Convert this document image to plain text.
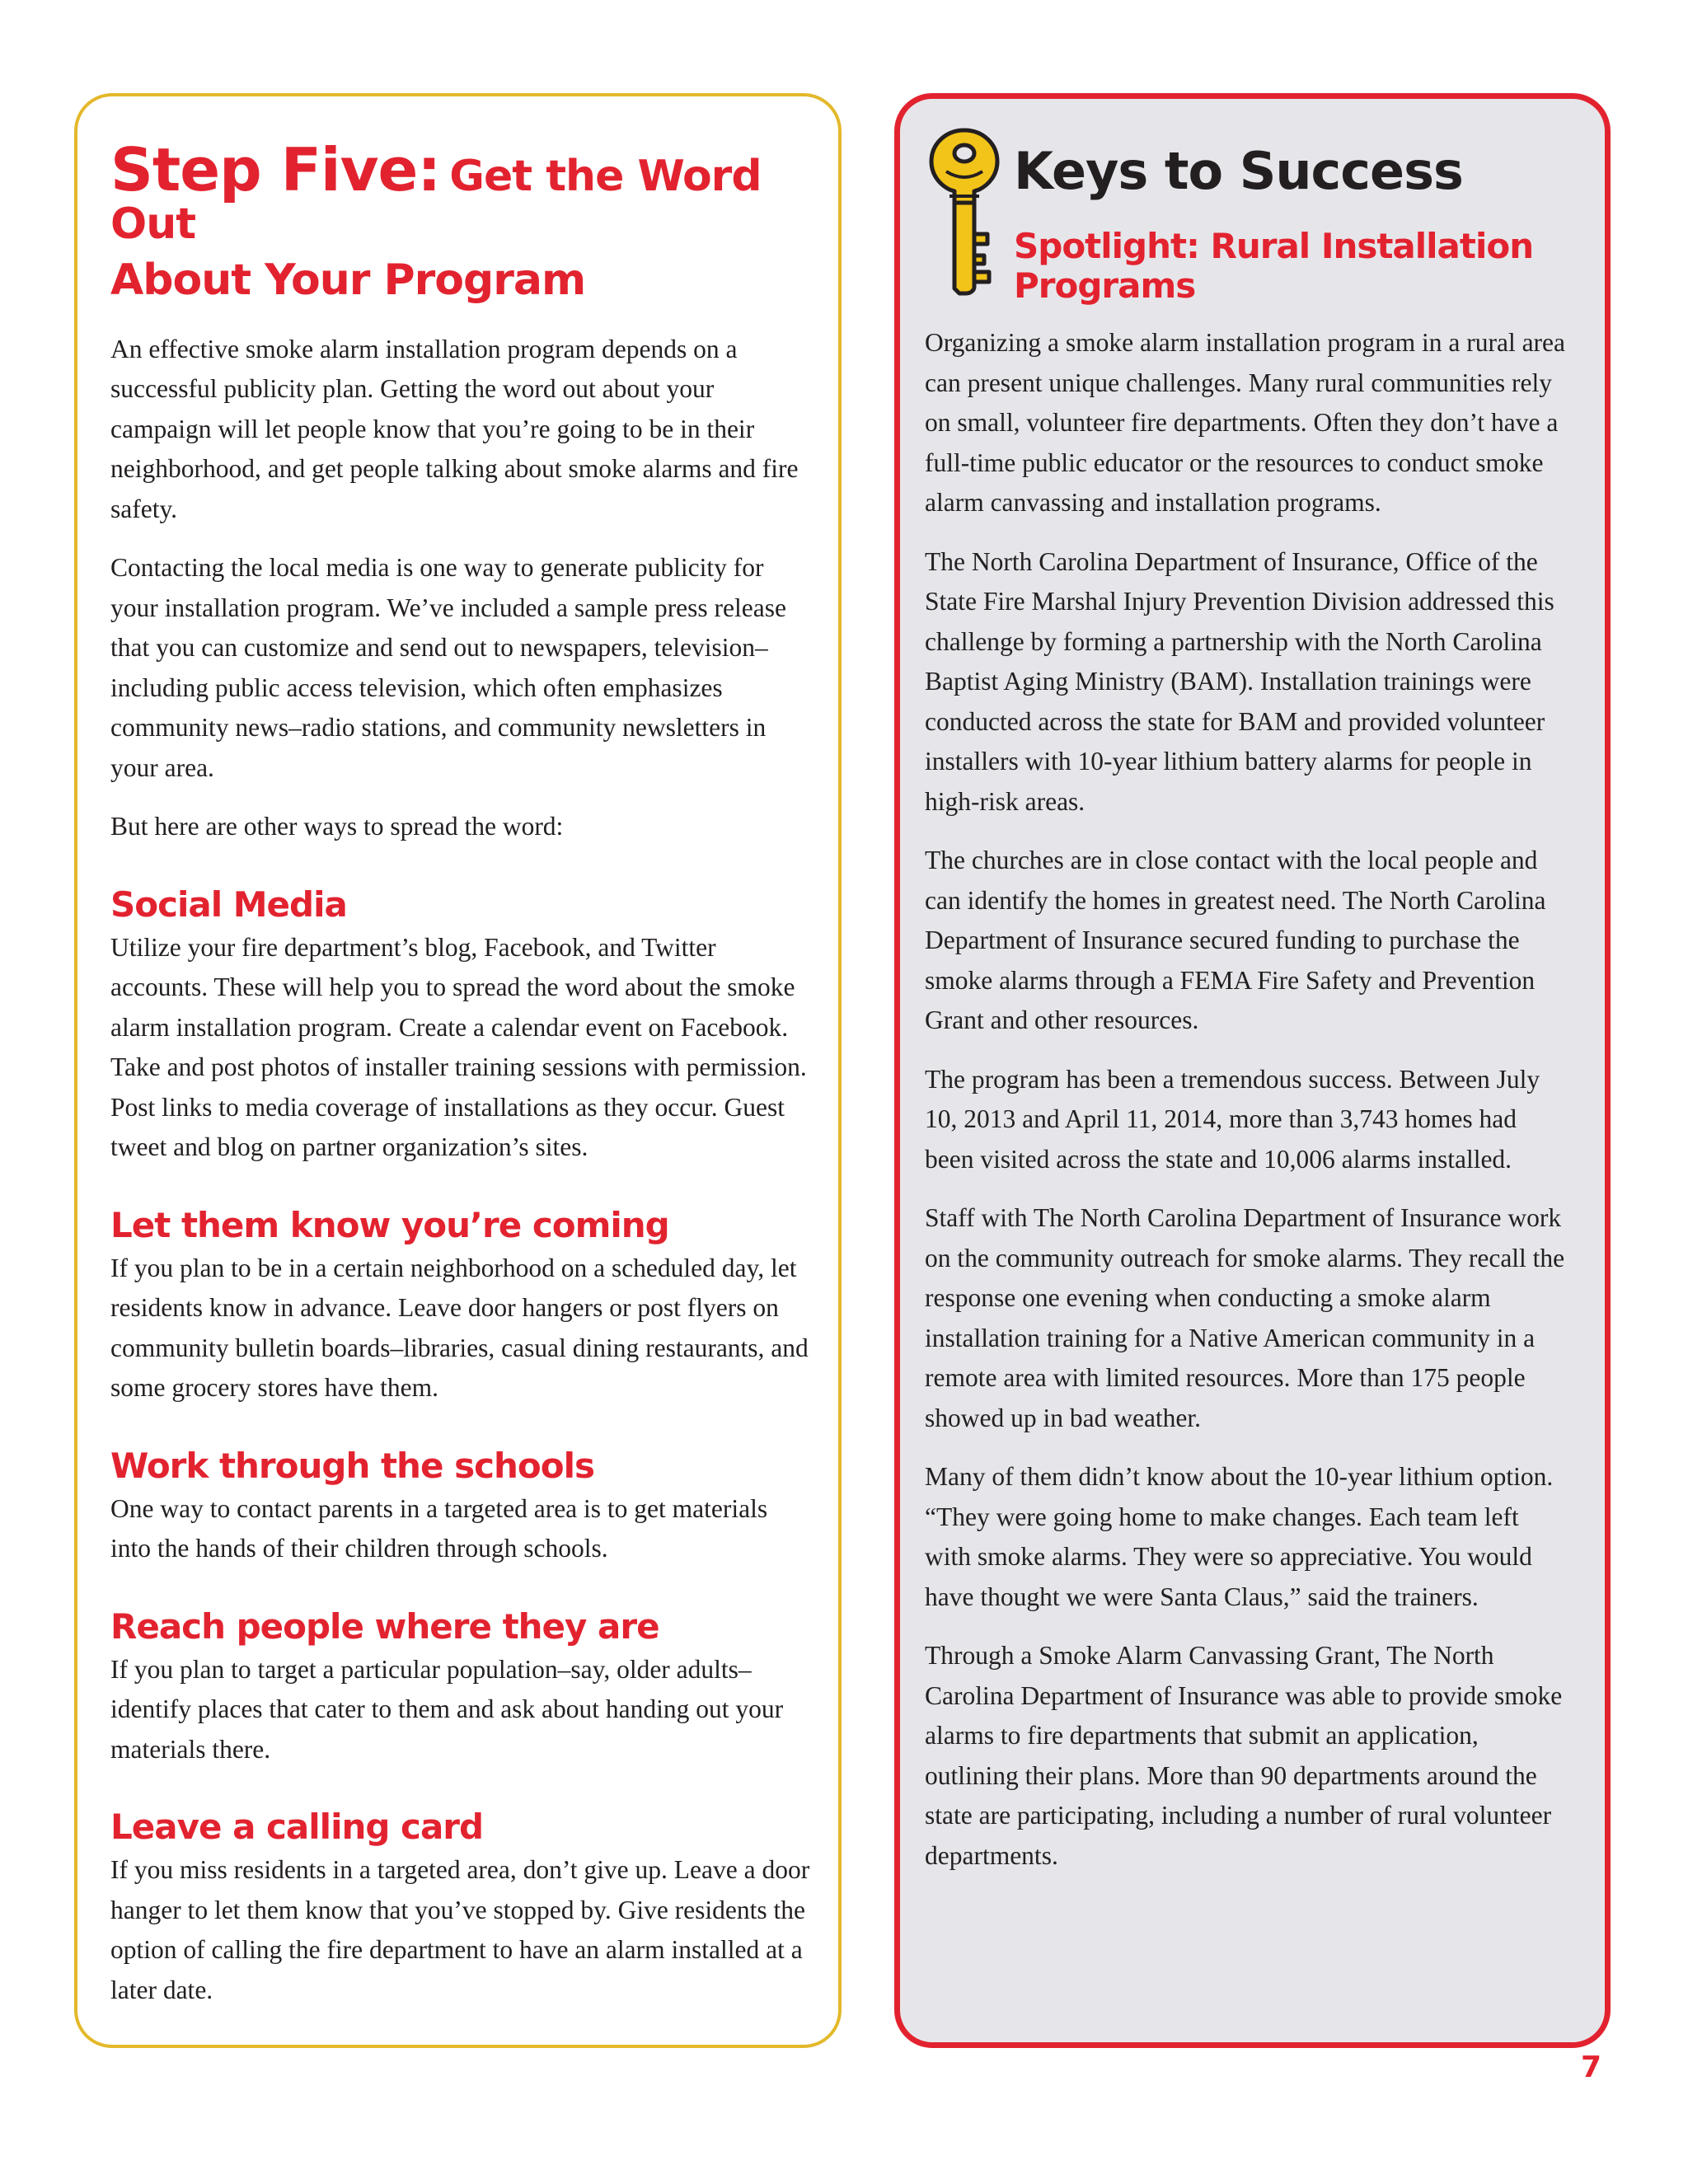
Step Five: Get the Word Out
About Your Program

An effective smoke alarm installation program depends on a successful publicity plan. Getting the word out about your campaign will let people know that you’re going to be in their neighborhood, and get people talking about smoke alarms and fire safety.

Contacting the local media is one way to generate publicity for your installation program. We’ve included a sample press release that you can customize and send out to newspapers, television–including public access television, which often emphasizes community news–radio stations, and community newsletters in your area.

But here are other ways to spread the word:

Social Media

Utilize your fire department’s blog, Facebook, and Twitter accounts. These will help you to spread the word about the smoke alarm installation program. Create a calendar event on Facebook. Take and post photos of installer training sessions with permission. Post links to media coverage of installations as they occur. Guest tweet and blog on partner organization’s sites.

Let them know you’re coming

If you plan to be in a certain neighborhood on a scheduled day, let residents know in advance. Leave door hangers or post flyers on community bulletin boards–libraries, casual dining restaurants, and some grocery stores have them.

Work through the schools

One way to contact parents in a targeted area is to get materials into the hands of their children through schools.

Reach people where they are

If you plan to target a particular population–say, older adults–identify places that cater to them and ask about handing out your materials there.

Leave a calling card

If you miss residents in a targeted area, don’t give up. Leave a door hanger to let them know that you’ve stopped by. Give residents the option of calling the fire department to have an alarm installed at a later date.

Keys to Success
Spotlight: Rural Installation Programs

Organizing a smoke alarm installation program in a rural area can present unique challenges. Many rural communities rely on small, volunteer fire departments. Often they don’t have a full-time public educator or the resources to conduct smoke alarm canvassing and installation programs.

The North Carolina Department of Insurance, Office of the State Fire Marshal Injury Prevention Division addressed this challenge by forming a partnership with the North Carolina Baptist Aging Ministry (BAM). Installation trainings were conducted across the state for BAM and provided volunteer installers with 10-year lithium battery alarms for people in high-risk areas.

The churches are in close contact with the local people and can identify the homes in greatest need. The North Carolina Department of Insurance secured funding to purchase the smoke alarms through a FEMA Fire Safety and Prevention Grant and other resources.

The program has been a tremendous success. Between July 10, 2013 and April 11, 2014, more than 3,743 homes had been visited across the state and 10,006 alarms installed.

Staff with The North Carolina Department of Insurance work on the community outreach for smoke alarms. They recall the response one evening when conducting a smoke alarm installation training for a Native American community in a remote area with limited resources. More than 175 people showed up in bad weather.

Many of them didn’t know about the 10-year lithium option. “They were going home to make changes. Each team left with smoke alarms. They were so appreciative. You would have thought we were Santa Claus,” said the trainers.

Through a Smoke Alarm Canvassing Grant, The North Carolina Department of Insurance was able to provide smoke alarms to fire departments that submit an application, outlining their plans. More than 90 departments around the state are participating, including a number of rural volunteer departments.

7
